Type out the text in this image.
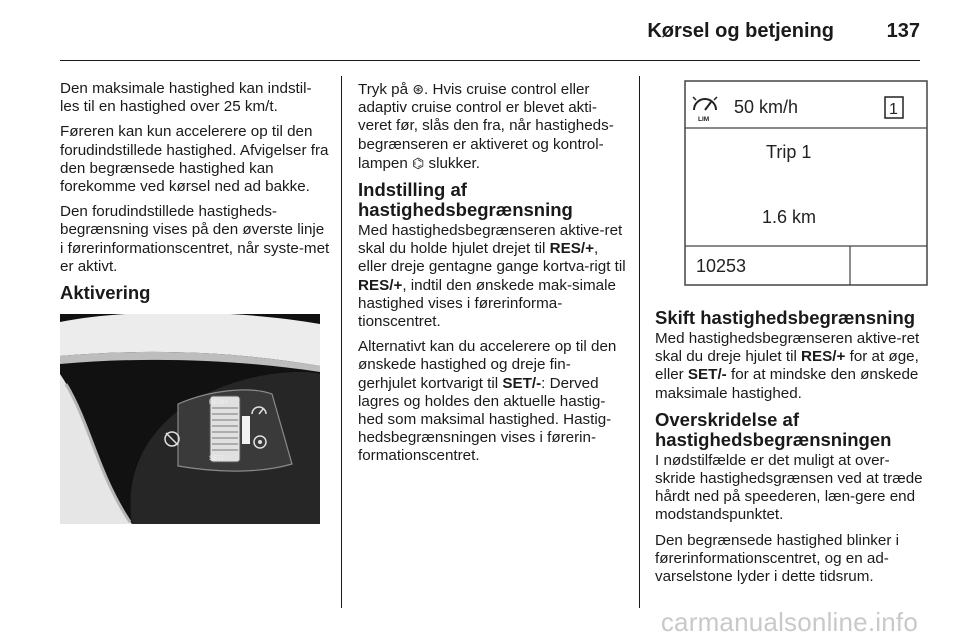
Kørsel og betjening	137

Den maksimale hastighed kan indstil-les til en hastighed over 25 km/t.

Føreren kan kun accelerere op til den forudindstillede hastighed. Afvigelser fra den begrænsede hastighed kan forekomme ved kørsel ned ad bakke.

Den forudindstillede hastigheds-begrænsning vises på den øverste linje i førerinformationscentret, når syste-met er aktivt.

Aktivering
RES/+
SET/-

Tryk på ⊛. Hvis cruise control eller adaptiv cruise control er blevet akti-veret før, slås den fra, når hastigheds-begrænseren er aktiveret og kontrol-lampen ⌬ slukker.

Indstilling af hastighedsbegrænsning

Med hastighedsbegrænseren aktive-ret skal du holde hjulet drejet til RES/+, eller dreje gentagne gange kortva-rigt til RES/+, indtil den ønskede mak-simale hastighed vises i førerinforma-tionscentret.

Alternativt kan du accelerere op til den ønskede hastighed og dreje fin-gerhjulet kortvarigt til SET/-: Derved lagres og holdes den aktuelle hastig-hed som maksimal hastighed. Hastig-hedsbegrænsningen vises i førerin-formationscentret.

LIM
50 km/h	1
Trip 1
1.6 km
10253
Skift hastighedsbegrænsning

Med hastighedsbegrænseren aktive-ret skal du dreje hjulet til RES/+ for at øge, eller SET/- for at mindske den ønskede maksimale hastighed.

Overskridelse af hastighedsbegrænsningen

I nødstilfælde er det muligt at over-skride hastighedsgrænsen ved at træde hårdt ned på speederen, læn-gere end modstandspunktet.

Den begrænsede hastighed blinker i førerinformationscentret, og en ad-varselstone lyder i dette tidsrum.

carmanualsonline.info
